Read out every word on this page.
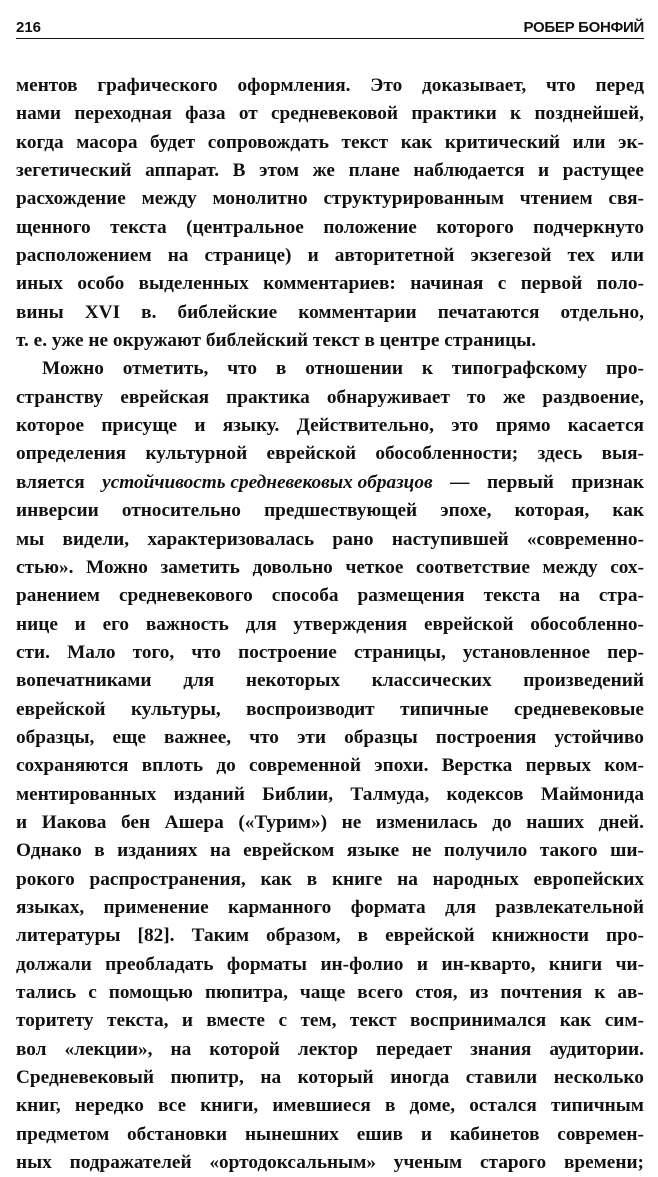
216	РОБЕР БОНФИЙ
ментов графического оформления. Это доказывает, что перед
нами переходная фаза от средневековой практики к позднейшей,
когда масора будет сопровождать текст как критический или эк-
зегетический аппарат. В этом же плане наблюдается и растущее
расхождение между монолитно структурированным чтением свя-
щенного текста (центральное положение которого подчеркнуто
расположением на странице) и авторитетной экзегезой тех или
иных особо выделенных комментариев: начиная с первой поло-
вины XVI в. библейские комментарии печатаются отдельно,
т. е. уже не окружают библейский текст в центре страницы.
Можно отметить, что в отношении к типографскому про-
странству еврейская практика обнаруживает то же раздвоение,
которое присуще и языку. Действительно, это прямо касается
определения культурной еврейской обособленности; здесь выя-
вляется устойчивость средневековых образцов — первый признак
инверсии относительно предшествующей эпохе, которая, как
мы видели, характеризовалась рано наступившей «современно-
стью». Можно заметить довольно четкое соответствие между сох-
ранением средневекового способа размещения текста на стра-
нице и его важность для утверждения еврейской обособленно-
сти. Мало того, что построение страницы, установленное пер-
вопечатниками для некоторых классических произведений
еврейской культуры, воспроизводит типичные средневековые
образцы, еще важнее, что эти образцы построения устойчиво
сохраняются вплоть до современной эпохи. Верстка первых ком-
ментированных изданий Библии, Талмуда, кодексов Маймонида
и Иакова бен Ашера («Турим») не изменилась до наших дней.
Однако в изданиях на еврейском языке не получило такого ши-
рокого распространения, как в книге на народных европейских
языках, применение карманного формата для развлекательной
литературы [82]. Таким образом, в еврейской книжности про-
должали преобладать форматы ин-фолио и ин-кварто, книги чи-
тались с помощью пюпитра, чаще всего стоя, из почтения к ав-
торитету текста, и вместе с тем, текст воспринимался как сим-
вол «лекции», на которой лектор передает знания аудитории.
Средневековый пюпитр, на который иногда ставили несколько
книг, нередко все книги, имевшиеся в доме, остался типичным
предметом обстановки нынешних ешив и кабинетов современ-
ных подражателей «ортодоксальным» ученым старого времени;
